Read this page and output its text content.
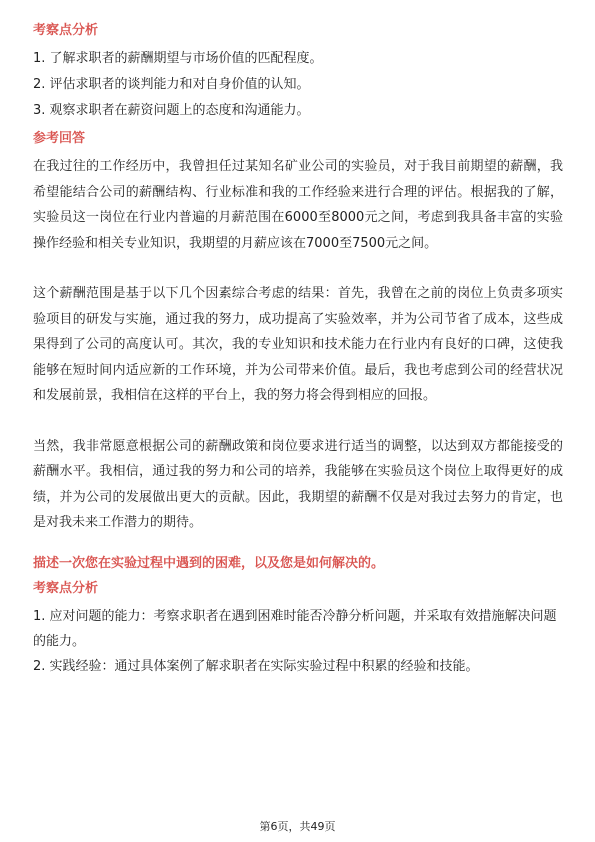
考察点分析

1. 了解求职者的薪酬期望与市场价值的匹配程度。

2. 评估求职者的谈判能力和对自身价值的认知。

3. 观察求职者在薪资问题上的态度和沟通能力。

参考回答

在我过往的工作经历中，我曾担任过某知名矿业公司的实验员，对于我目前期望的薪酬，我希望能结合公司的薪酬结构、行业标准和我的工作经验来进行合理的评估。根据我的了解，实验员这一岗位在行业内普遍的月薪范围在6000至8000元之间，考虑到我具备丰富的实验操作经验和相关专业知识，我期望的月薪应该在7000至7500元之间。

这个薪酬范围是基于以下几个因素综合考虑的结果：首先，我曾在之前的岗位上负责多项实验项目的研发与实施，通过我的努力，成功提高了实验效率，并为公司节省了成本，这些成果得到了公司的高度认可。其次，我的专业知识和技术能力在行业内有良好的口碑，这使我能够在短时间内适应新的工作环境，并为公司带来价值。最后，我也考虑到公司的经营状况和发展前景，我相信在这样的平台上，我的努力将会得到相应的回报。

当然，我非常愿意根据公司的薪酬政策和岗位要求进行适当的调整，以达到双方都能接受的薪酬水平。我相信，通过我的努力和公司的培养，我能够在实验员这个岗位上取得更好的成绩，并为公司的发展做出更大的贡献。因此，我期望的薪酬不仅是对我过去努力的肯定，也是对我未来工作潜力的期待。

描述一次您在实验过程中遇到的困难，以及您是如何解决的。

考察点分析

1. 应对问题的能力：考察求职者在遇到困难时能否冷静分析问题，并采取有效措施解决问题的能力。

2. 实践经验：通过具体案例了解求职者在实际实验过程中积累的经验和技能。

第6页，共49页
